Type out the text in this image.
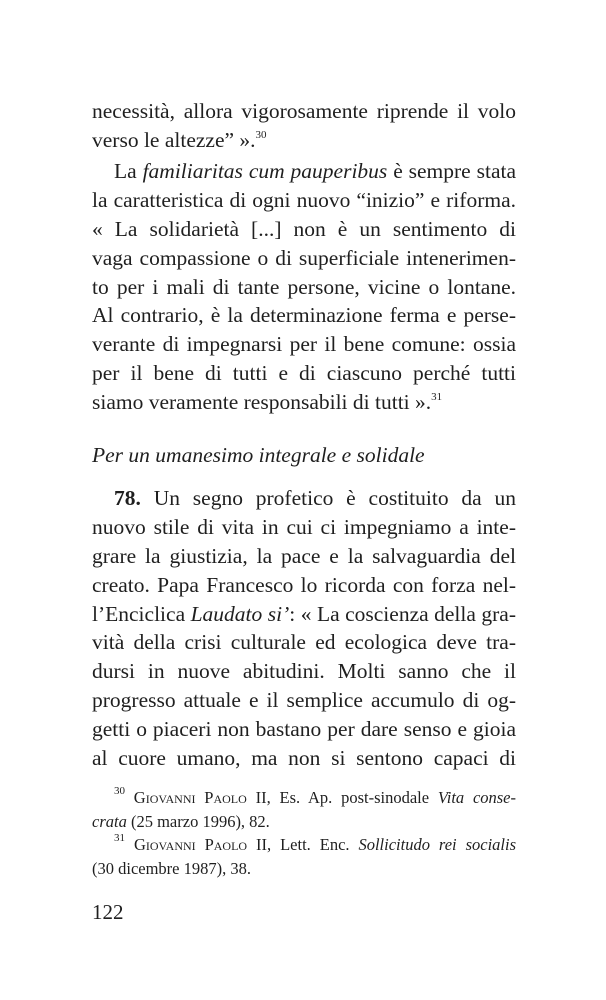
necessità, allora vigorosamente riprende il volo
verso le altezze” ».$^{30}$
La familiaritas cum pauperibus è sempre stata
la caratteristica di ogni nuovo “inizio” e riforma.
« La solidarietà [...] non è un sentimento di
vaga compassione o di superficiale intenerimen-
to per i mali di tante persone, vicine o lontane.
Al contrario, è la determinazione ferma e perse-
verante di impegnarsi per il bene comune: ossia
per il bene di tutti e di ciascuno perché tutti
siamo veramente responsabili di tutti ».$^{31}$
Per un umanesimo integrale e solidale
78. Un segno profetico è costituito da un
nuovo stile di vita in cui ci impegniamo a inte-
grare la giustizia, la pace e la salvaguardia del
creato. Papa Francesco lo ricorda con forza nel-
l’Enciclica Laudato si’: « La coscienza della gra-
vità della crisi culturale ed ecologica deve tra-
dursi in nuove abitudini. Molti sanno che il
progresso attuale e il semplice accumulo di og-
getti o piaceri non bastano per dare senso e gioia
al cuore umano, ma non si sentono capaci di
$^{30}$ Giovanni Paolo II, Es. Ap. post-sinodale Vita conse-
crata (25 marzo 1996), 82.
$^{31}$ Giovanni Paolo II, Lett. Enc. Sollicitudo rei socialis
(30 dicembre 1987), 38.
122
